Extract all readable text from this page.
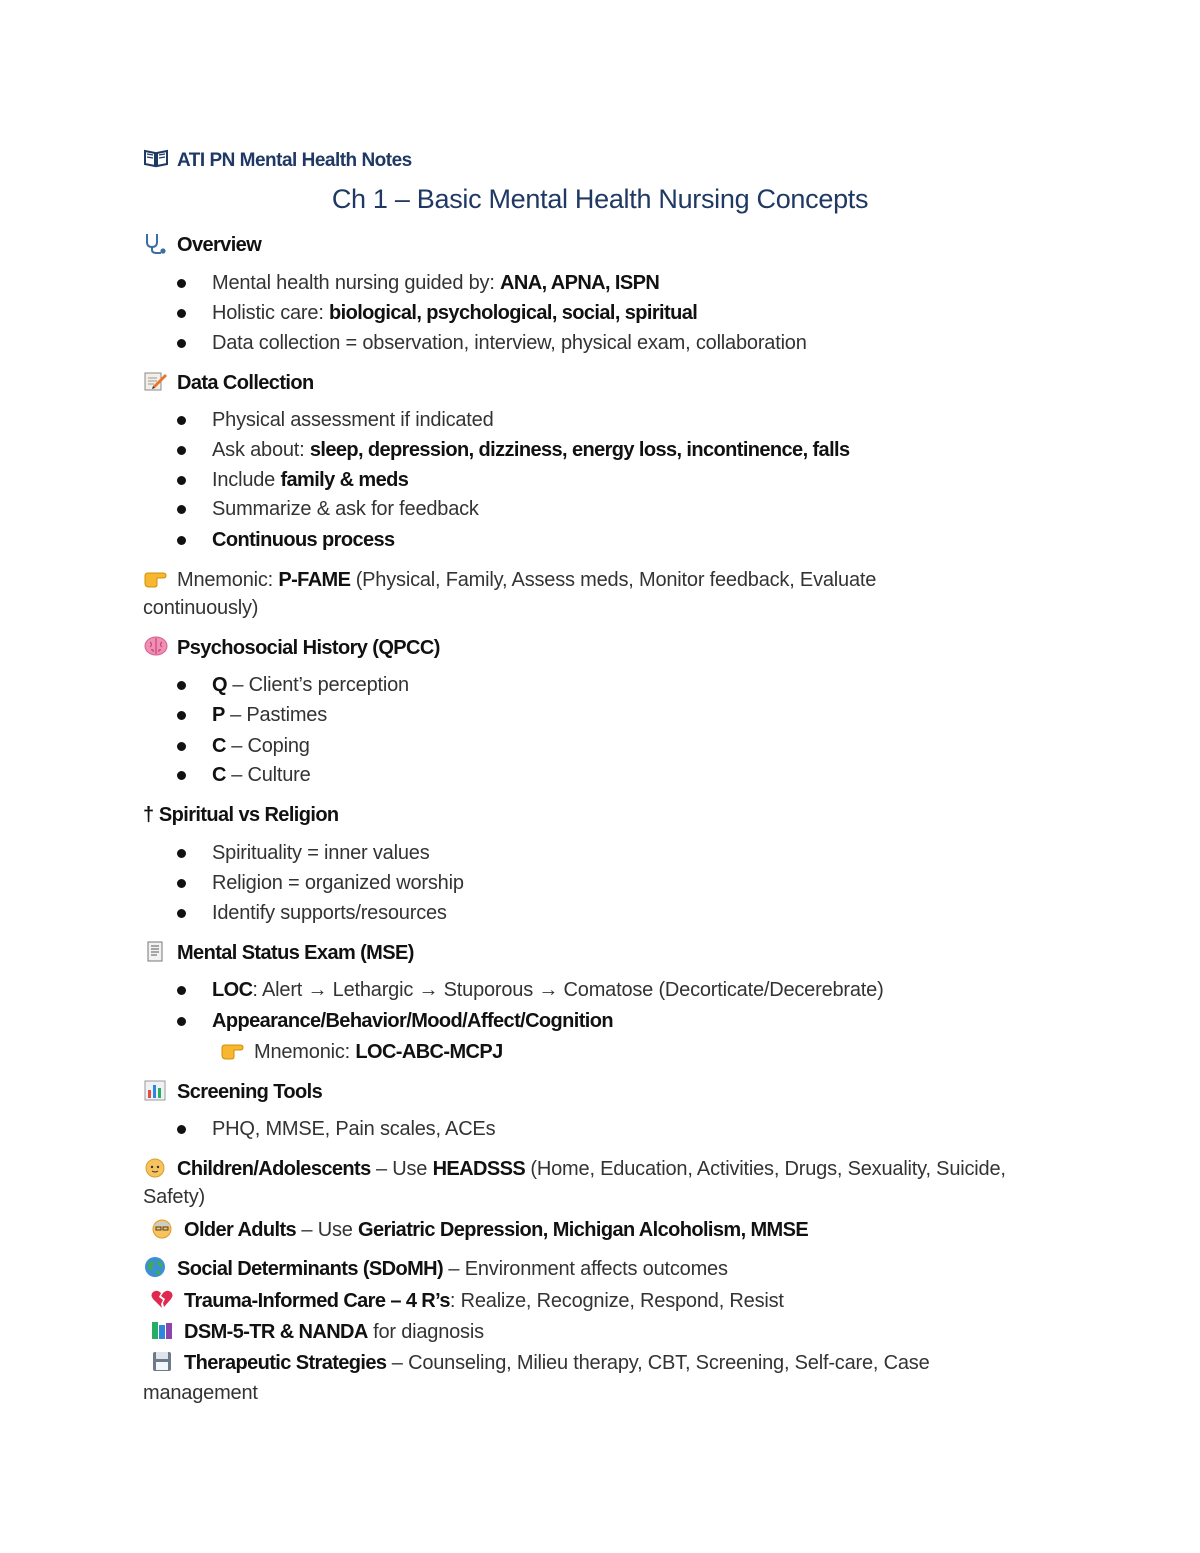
ATI PN Mental Health Notes
Ch 1 – Basic Mental Health Nursing Concepts
Overview
Mental health nursing guided by: ANA, APNA, ISPN
Holistic care: biological, psychological, social, spiritual
Data collection = observation, interview, physical exam, collaboration
Data Collection
Physical assessment if indicated
Ask about: sleep, depression, dizziness, energy loss, incontinence, falls
Include family & meds
Summarize & ask for feedback
Continuous process
Mnemonic: P-FAME (Physical, Family, Assess meds, Monitor feedback, Evaluate
continuously)
Psychosocial History (QPCC)
Q – Client’s perception
P – Pastimes
C – Coping
C – Culture
† Spiritual vs Religion
Spirituality = inner values
Religion = organized worship
Identify supports/resources
Mental Status Exam (MSE)
LOC: Alert → Lethargic → Stuporous → Comatose (Decorticate/Decerebrate)
Appearance/Behavior/Mood/Affect/Cognition
Mnemonic: LOC-ABC-MCPJ
Screening Tools
PHQ, MMSE, Pain scales, ACEs
Children/Adolescents – Use HEADSSS (Home, Education, Activities, Drugs, Sexuality, Suicide,
Safety)
Older Adults – Use Geriatric Depression, Michigan Alcoholism, MMSE
Social Determinants (SDoMH) – Environment affects outcomes
Trauma-Informed Care – 4 R’s: Realize, Recognize, Respond, Resist
DSM-5-TR & NANDA for diagnosis
Therapeutic Strategies – Counseling, Milieu therapy, CBT, Screening, Self-care, Case
management
